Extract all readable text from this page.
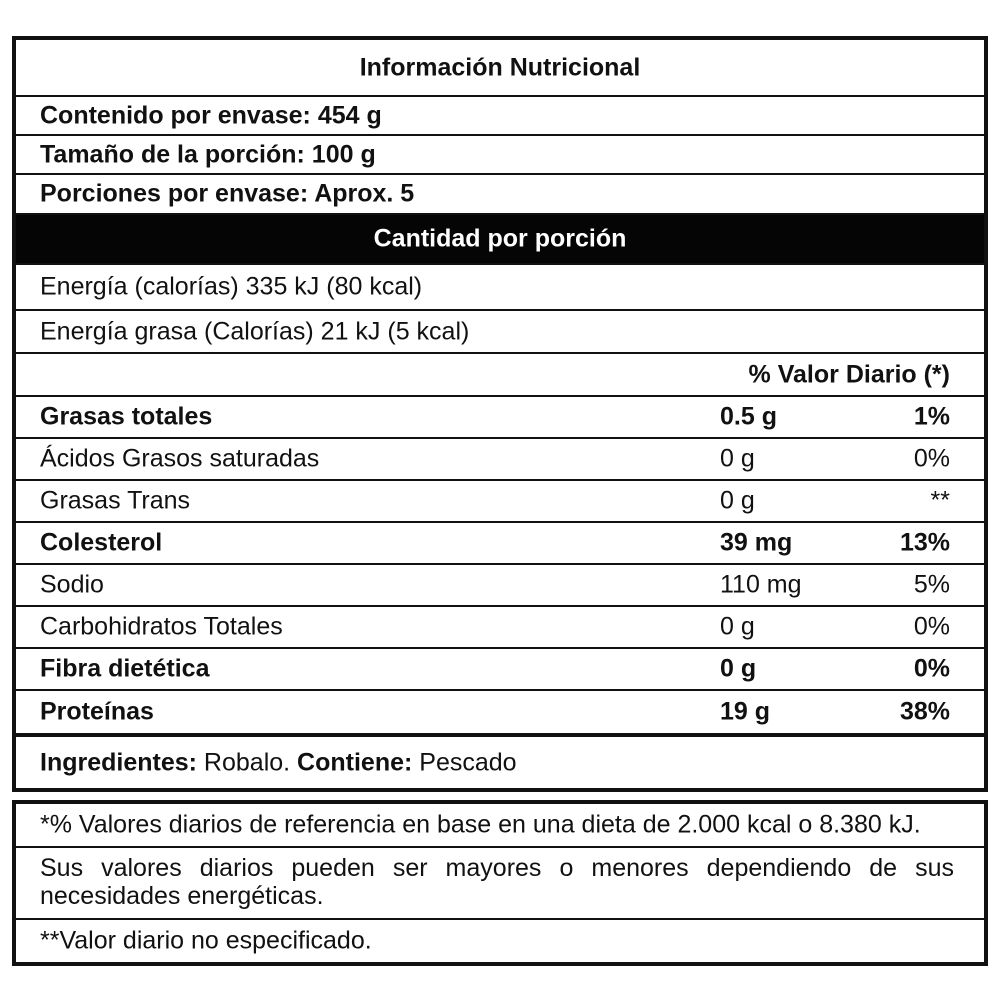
Información Nutricional
Contenido por envase: 454 g
Tamaño de la porción: 100 g
Porciones por envase: Aprox. 5
Cantidad por porción
Energía (calorías) 335 kJ (80 kcal)
Energía grasa (Calorías) 21 kJ (5 kcal)
% Valor Diario (*)
Grasas totales	0.5 g	1%
Ácidos Grasos saturadas	0 g	0%
Grasas Trans	0 g	**
Colesterol	39 mg	13%
Sodio	110 mg	5%
Carbohidratos Totales	0 g	0%
Fibra dietética	0 g	0%
Proteínas	19 g	38%
Ingredientes: Robalo. Contiene: Pescado
*% Valores diarios de referencia en base en una dieta de 2.000 kcal o 8.380 kJ.
Sus valores diarios pueden ser mayores o menores dependiendo de sus necesidades energéticas.
**Valor diario no especificado.
